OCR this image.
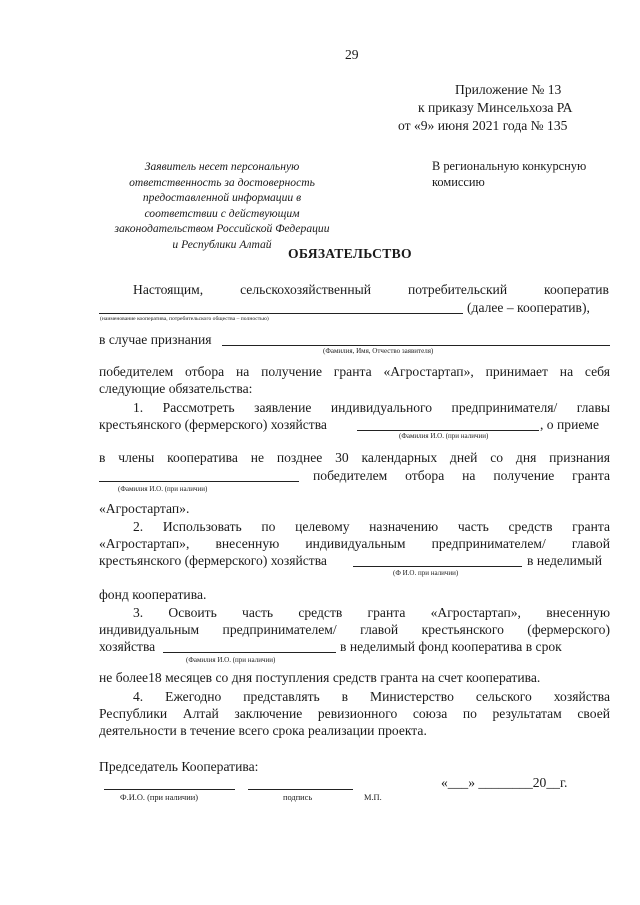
29
Приложение № 13
к приказу Минсельхоза РА
от «9» июня 2021 года № 135
Заявитель несет персональную
ответственность за достоверность
предоставленной информации в
соответствии с действующим
законодательством Российской Федерации
и Республики Алтай
В региональную конкурсную
комиссию
ОБЯЗАТЕЛЬСТВО
Настоящим,	сельскохозяйственный	потребительский	кооператив
(далее – кооператив),
(наименование кооператива, потребительского общества – полностью)
в случае признания
(Фамилия, Имя, Отчество заявителя)
победителем отбора на получение гранта «Агростартап», принимает на себя
следующие обязательства:
1. Рассмотреть заявление индивидуального предпринимателя/ главы
крестьянского (фермерского) хозяйства	, о приеме
(Фамилия И.О. (при наличии)
в члены кооператива не позднее 30 календарных дней со дня признания
победителем отбора на получение гранта
(Фамилия И.О. (при наличии)
«Агростартап».
2. Использовать по целевому назначению часть средств гранта
«Агростартап», внесенную индивидуальным предпринимателем/ главой
крестьянского (фермерского) хозяйства	в неделимый
(Ф И.О. при наличии)
фонд кооператива.
3. Освоить часть средств гранта «Агростартап», внесенную
индивидуальным предпринимателем/ главой крестьянского (фермерского)
хозяйства	в неделимый фонд кооператива в срок
(Фамилия И.О. (при наличии)
не более18 месяцев со дня поступления средств гранта на счет кооператива.
4. Ежегодно представлять в Министерство сельского хозяйства
Республики Алтай заключение ревизионного союза по результатам своей
деятельности в течение всего срока реализации проекта.
Председатель Кооператива:
«___» ________20__г.
Ф.И.О. (при наличии)	подпись	М.П.
